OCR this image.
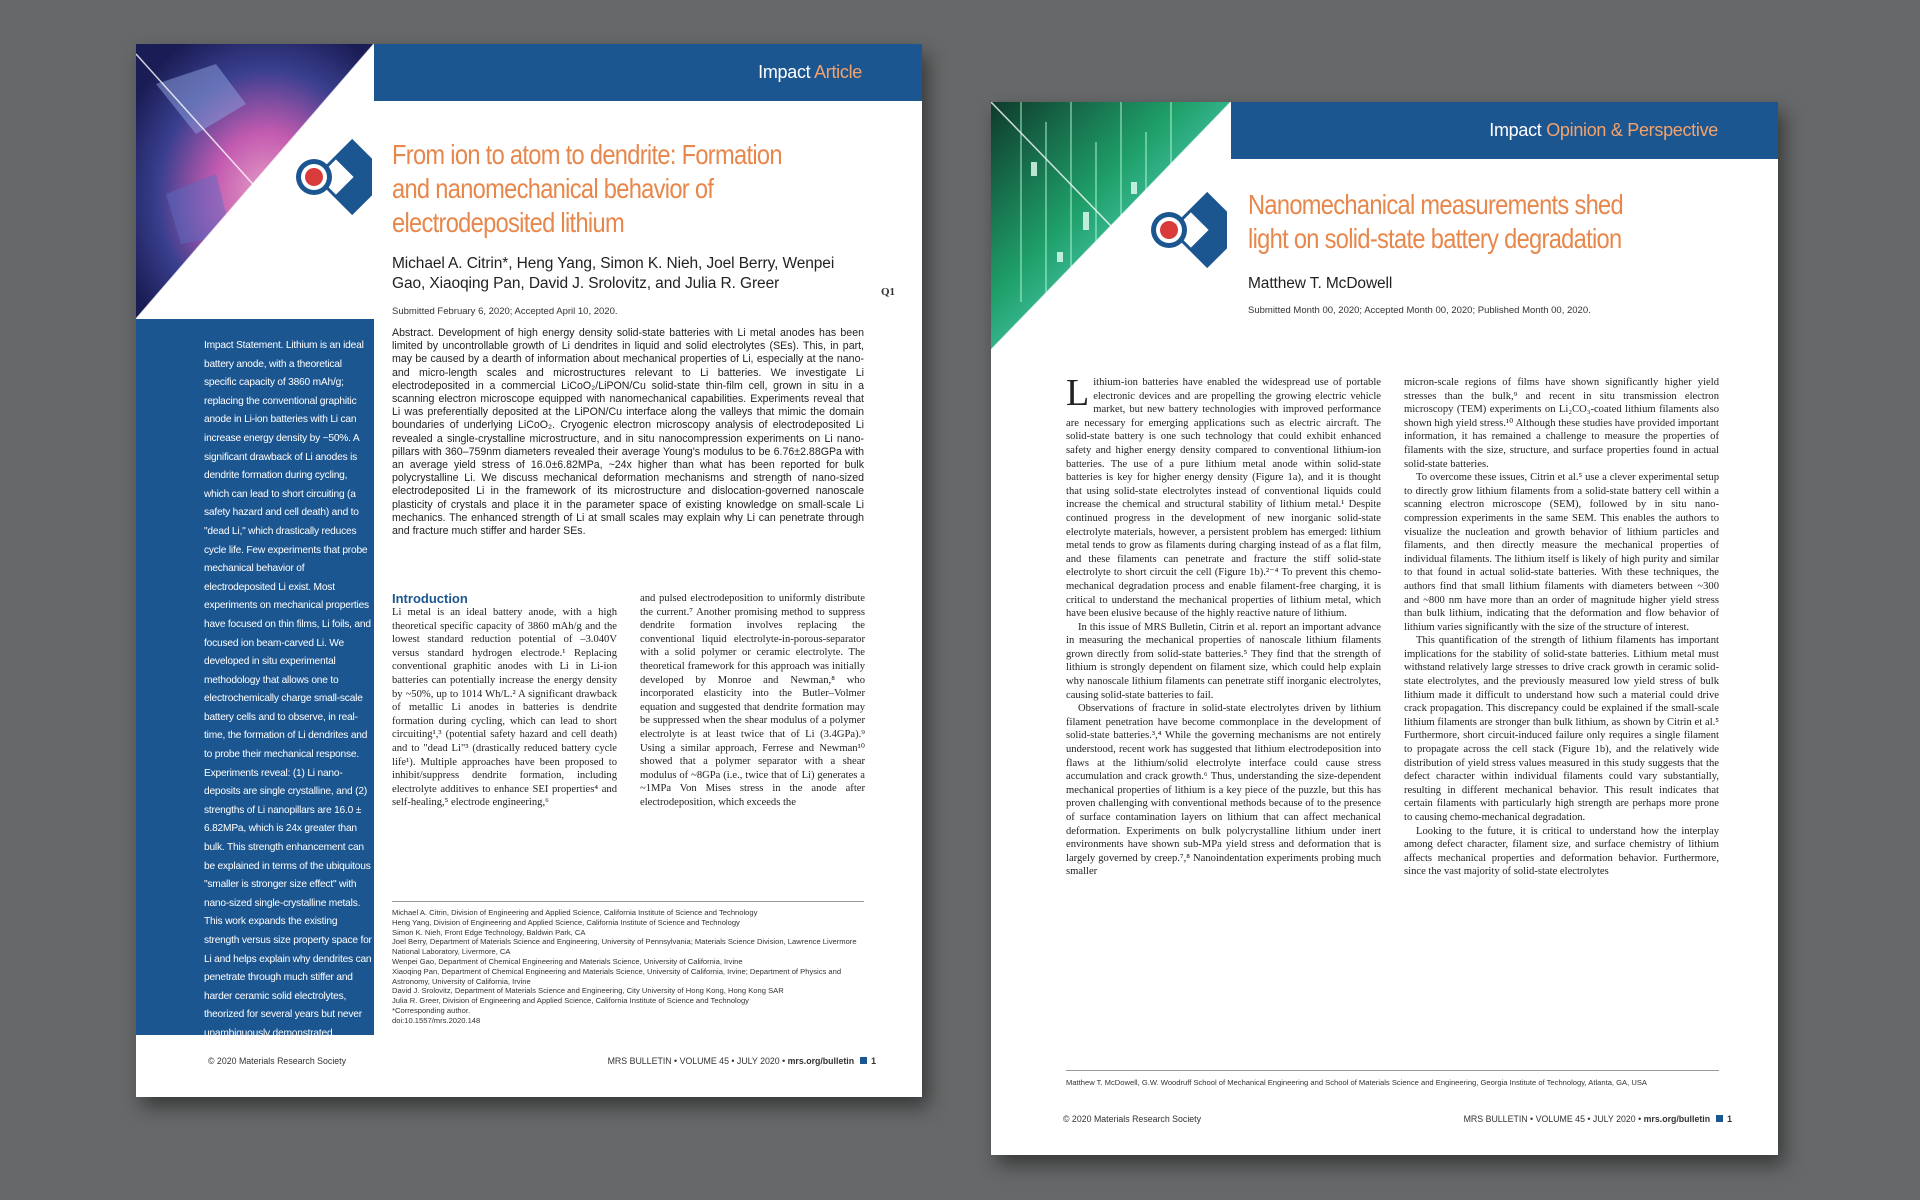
Impact Article
From ion to atom to dendrite: Formation and nanomechanical behavior of electrodeposited lithium
Michael A. Citrin*, Heng Yang, Simon K. Nieh, Joel Berry, Wenpei Gao, Xiaoqing Pan, David J. Srolovitz, and Julia R. Greer	Q1
Submitted February 6, 2020; Accepted April 10, 2020.
Abstract. Development of high energy density solid-state batteries with Li metal anodes has been limited by uncontrollable growth of Li dendrites in liquid and solid electrolytes (SEs). This, in part, may be caused by a dearth of information about mechanical properties of Li, especially at the nano- and micro-length scales and microstructures relevant to Li batteries. We investigate Li electrodeposited in a commercial LiCoO₂/LiPON/Cu solid-state thin-film cell, grown in situ in a scanning electron microscope equipped with nanomechanical capabilities. Experiments reveal that Li was preferentially deposited at the LiPON/Cu interface along the valleys that mimic the domain boundaries of underlying LiCoO₂. Cryogenic electron microscopy analysis of electrodeposited Li revealed a single-crystalline microstructure, and in situ nanocompression experiments on Li nano-pillars with 360–759nm diameters revealed their average Young's modulus to be 6.76±2.88GPa with an average yield stress of 16.0±6.82MPa, ~24x higher than what has been reported for bulk polycrystalline Li. We discuss mechanical deformation mechanisms and strength of nano-sized electrodeposited Li in the framework of its microstructure and dislocation-governed nanoscale plasticity of crystals and place it in the parameter space of existing knowledge on small-scale Li mechanics. The enhanced strength of Li at small scales may explain why Li can penetrate through and fracture much stiffer and harder SEs.
Impact Statement. Lithium is an ideal battery anode, with a theoretical specific capacity of 3860 mAh/g; replacing the conventional graphitic anode in Li-ion batteries with Li can increase energy density by ~50%. A significant drawback of Li anodes is dendrite formation during cycling, which can lead to short circuiting (a safety hazard and cell death) and to "dead Li," which drastically reduces cycle life. Few experiments that probe mechanical behavior of electrodeposited Li exist. Most experiments on mechanical properties have focused on thin films, Li foils, and focused ion beam-carved Li. We developed in situ experimental methodology that allows one to electrochemically charge small-scale battery cells and to observe, in real-time, the formation of Li dendrites and to probe their mechanical response. Experiments reveal: (1) Li nano-deposits are single crystalline, and (2) strengths of Li nanopillars are 16.0 ± 6.82MPa, which is 24x greater than bulk. This strength enhancement can be explained in terms of the ubiquitous "smaller is stronger size effect" with nano-sized single-crystalline metals. This work expands the existing strength versus size property space for Li and helps explain why dendrites can penetrate through much stiffer and harder ceramic solid electrolytes, theorized for several years but never unambiguously demonstrated.
Introduction
Li metal is an ideal battery anode, with a high theoretical specific capacity of 3860 mAh/g and the lowest standard reduction potential of –3.040V versus standard hydrogen electrode.¹ Replacing conventional graphitic anodes with Li in Li-ion batteries can potentially increase the energy density by ~50%, up to 1014 Wh/L.² A significant drawback of metallic Li anodes in batteries is dendrite formation during cycling, which can lead to short circuiting¹,³ (potential safety hazard and cell death) and to "dead Li"³ (drastically reduced battery cycle life¹). Multiple approaches have been proposed to inhibit/suppress dendrite formation, including electrolyte additives to enhance SEI properties⁴ and self-healing,⁵ electrode engineering,⁶
and pulsed electrodeposition to uniformly distribute the current.⁷ Another promising method to suppress dendrite formation involves replacing the conventional liquid electrolyte-in-porous-separator with a solid polymer or ceramic electrolyte. The theoretical framework for this approach was initially developed by Monroe and Newman,⁸ who incorporated elasticity into the Butler–Volmer equation and suggested that dendrite formation may be suppressed when the shear modulus of a polymer electrolyte is at least twice that of Li (3.4GPa).⁹ Using a similar approach, Ferrese and Newman¹⁰ showed that a polymer separator with a shear modulus of ~8GPa (i.e., twice that of Li) generates a ~1MPa Von Mises stress in the anode after electrodeposition, which exceeds the
Michael A. Citrin, Division of Engineering and Applied Science, California Institute of Science and Technology
Heng Yang, Division of Engineering and Applied Science, California Institute of Science and Technology
Simon K. Nieh, Front Edge Technology, Baldwin Park, CA
Joel Berry, Department of Materials Science and Engineering, University of Pennsylvania; Materials Science Division, Lawrence Livermore National Laboratory, Livermore, CA
Wenpei Gao, Department of Chemical Engineering and Materials Science, University of California, Irvine
Xiaoqing Pan, Department of Chemical Engineering and Materials Science, University of California, Irvine; Department of Physics and Astronomy, University of California, Irvine
David J. Srolovitz, Department of Materials Science and Engineering, City University of Hong Kong, Hong Kong SAR
Julia R. Greer, Division of Engineering and Applied Science, California Institute of Science and Technology
*Corresponding author.
doi:10.1557/mrs.2020.148
© 2020 Materials Research Society	MRS BULLETIN • VOLUME 45 • JULY 2020 • mrs.org/bulletin 1
Impact Opinion & Perspective
Nanomechanical measurements shed light on solid-state battery degradation
Matthew T. McDowell
Submitted Month 00, 2020; Accepted Month 00, 2020; Published Month 00, 2020.

Lithium-ion batteries have enabled the widespread use of portable electronic devices and are propelling the growing electric vehicle market, but new battery technologies with improved performance are necessary for emerging applications such as electric aircraft. The solid-state battery is one such technology that could exhibit enhanced safety and higher energy density compared to conventional lithium-ion batteries. The use of a pure lithium metal anode within solid-state batteries is key for higher energy density (Figure 1a), and it is thought that using solid-state electrolytes instead of conventional liquids could increase the chemical and structural stability of lithium metal.¹ Despite continued progress in the development of new inorganic solid-state electrolyte materials, however, a persistent problem has emerged: lithium metal tends to grow as filaments during charging instead of as a flat film, and these filaments can penetrate and fracture the stiff solid-state electrolyte to short circuit the cell (Figure 1b).²⁻⁴ To prevent this chemo-mechanical degradation process and enable filament-free charging, it is critical to understand the mechanical properties of lithium metal, which have been elusive because of the highly reactive nature of lithium.

In this issue of MRS Bulletin, Citrin et al. report an important advance in measuring the mechanical properties of nanoscale lithium filaments grown directly from solid-state batteries.⁵ They find that the strength of lithium is strongly dependent on filament size, which could help explain why nanoscale lithium filaments can penetrate stiff inorganic electrolytes, causing solid-state batteries to fail.

Observations of fracture in solid-state electrolytes driven by lithium filament penetration have become commonplace in the development of solid-state batteries.³,⁴ While the governing mechanisms are not entirely understood, recent work has suggested that lithium electrodeposition into flaws at the lithium/solid electrolyte interface could cause stress accumulation and crack growth.⁶ Thus, understanding the size-dependent mechanical properties of lithium is a key piece of the puzzle, but this has proven challenging with conventional methods because of to the presence of surface contamination layers on lithium that can affect mechanical deformation. Experiments on bulk polycrystalline lithium under inert environments have shown sub-MPa yield stress and deformation that is largely governed by creep.⁷,⁸ Nanoindentation experiments probing much smaller

micron-scale regions of films have shown significantly higher yield stresses than the bulk,⁹ and recent in situ transmission electron microscopy (TEM) experiments on Li₂CO₃-coated lithium filaments also shown high yield stress.¹⁰ Although these studies have provided important information, it has remained a challenge to measure the properties of filaments with the size, structure, and surface properties found in actual solid-state batteries.

To overcome these issues, Citrin et al.⁵ use a clever experimental setup to directly grow lithium filaments from a solid-state battery cell within a scanning electron microscope (SEM), followed by in situ nano-compression experiments in the same SEM. This enables the authors to visualize the nucleation and growth behavior of lithium particles and filaments, and then directly measure the mechanical properties of individual filaments. The lithium itself is likely of high purity and similar to that found in actual solid-state batteries. With these techniques, the authors find that small lithium filaments with diameters between ~300 and ~800 nm have more than an order of magnitude higher yield stress than bulk lithium, indicating that the deformation and flow behavior of lithium varies significantly with the size of the structure of interest.

This quantification of the strength of lithium filaments has important implications for the stability of solid-state batteries. Lithium metal must withstand relatively large stresses to drive crack growth in ceramic solid-state electrolytes, and the previously measured low yield stress of bulk lithium made it difficult to understand how such a material could drive crack propagation. This discrepancy could be explained if the small-scale lithium filaments are stronger than bulk lithium, as shown by Citrin et al.⁵ Furthermore, short circuit-induced failure only requires a single filament to propagate across the cell stack (Figure 1b), and the relatively wide distribution of yield stress values measured in this study suggests that the defect character within individual filaments could vary substantially, resulting in different mechanical behavior. This result indicates that certain filaments with particularly high strength are perhaps more prone to causing chemo-mechanical degradation.

Looking to the future, it is critical to understand how the interplay among defect character, filament size, and surface chemistry of lithium affects mechanical properties and deformation behavior. Furthermore, since the vast majority of solid-state electrolytes

Matthew T. McDowell, G.W. Woodruff School of Mechanical Engineering and School of Materials Science and Engineering, Georgia Institute of Technology, Atlanta, GA, USA
© 2020 Materials Research Society	MRS BULLETIN • VOLUME 45 • JULY 2020 • mrs.org/bulletin 1
